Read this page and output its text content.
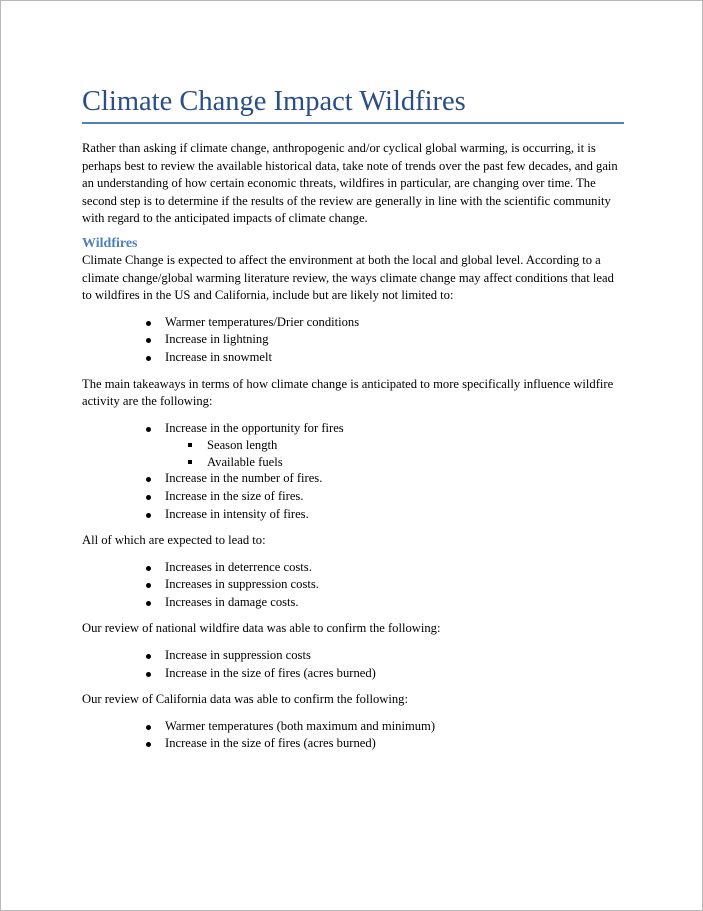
Climate Change Impact Wildfires

Rather than asking if climate change, anthropogenic and/or cyclical global warming, is occurring, it is
perhaps best to review the available historical data, take note of trends over the past few decades, and gain
an understanding of how certain economic threats, wildfires in particular, are changing over time. The
second step is to determine if the results of the review are generally in line with the scientific community
with regard to the anticipated impacts of climate change.

Wildfires

Climate Change is expected to affect the environment at both the local and global level. According to a
climate change/global warming literature review, the ways climate change may affect conditions that lead
to wildfires in the US and California, include but are likely not limited to:

Warmer temperatures/Drier conditions
Increase in lightning
Increase in snowmelt

The main takeaways in terms of how climate change is anticipated to more specifically influence wildfire
activity are the following:

Increase in the opportunity for fires
Season length
Available fuels
Increase in the number of fires.
Increase in the size of fires.
Increase in intensity of fires.

All of which are expected to lead to:

Increases in deterrence costs.
Increases in suppression costs.
Increases in damage costs.

Our review of national wildfire data was able to confirm the following:

Increase in suppression costs
Increase in the size of fires (acres burned)

Our review of California data was able to confirm the following:

Warmer temperatures (both maximum and minimum)
Increase in the size of fires (acres burned)
